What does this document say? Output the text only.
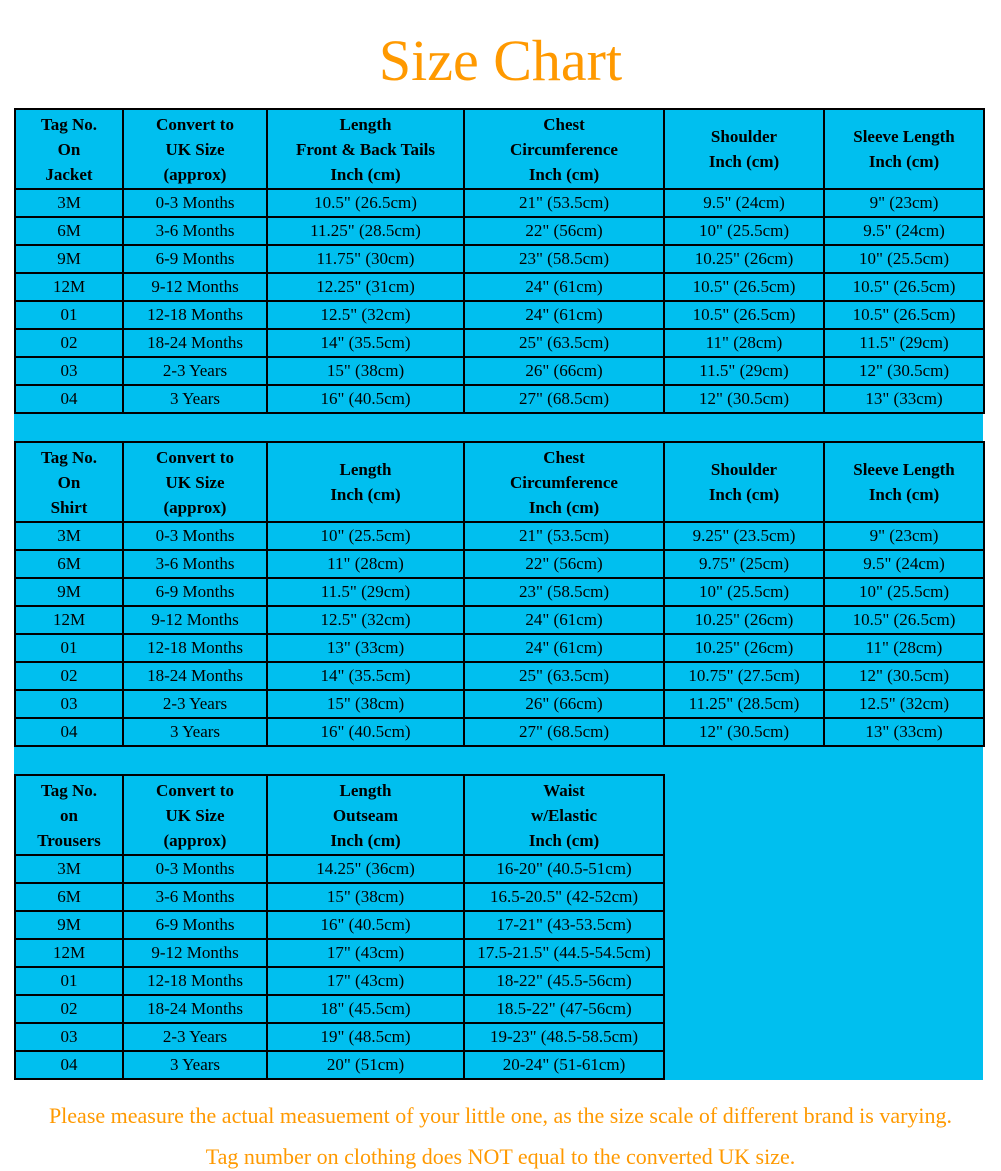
Size Chart
Tag No.
On
Jacket

Convert to
UK Size
(approx)

Length
Front & Back Tails
Inch (cm)

Chest
Circumference
Inch (cm)

Shoulder
Inch (cm)

Sleeve Length
Inch (cm)

3M	0-3 Months	10.5" (26.5cm)	21" (53.5cm)	9.5" (24cm)	9" (23cm)
6M	3-6 Months	11.25" (28.5cm)	22" (56cm)	10" (25.5cm)	9.5" (24cm)
9M	6-9 Months	11.75" (30cm)	23" (58.5cm)	10.25" (26cm)	10" (25.5cm)
12M	9-12 Months	12.25" (31cm)	24" (61cm)	10.5" (26.5cm)	10.5" (26.5cm)
01	12-18 Months	12.5" (32cm)	24" (61cm)	10.5" (26.5cm)	10.5" (26.5cm)
02	18-24 Months	14" (35.5cm)	25" (63.5cm)	11" (28cm)	11.5" (29cm)
03	2-3 Years	15" (38cm)	26" (66cm)	11.5" (29cm)	12" (30.5cm)
04	3 Years	16" (40.5cm)	27" (68.5cm)	12" (30.5cm)	13" (33cm)
Tag No.
On
Shirt

Convert to
UK Size
(approx)

Length
Inch (cm)

Chest
Circumference
Inch (cm)

Shoulder
Inch (cm)

Sleeve Length
Inch (cm)

3M	0-3 Months	10" (25.5cm)	21" (53.5cm)	9.25" (23.5cm)	9" (23cm)
6M	3-6 Months	11" (28cm)	22" (56cm)	9.75" (25cm)	9.5" (24cm)
9M	6-9 Months	11.5" (29cm)	23" (58.5cm)	10" (25.5cm)	10" (25.5cm)
12M	9-12 Months	12.5" (32cm)	24" (61cm)	10.25" (26cm)	10.5" (26.5cm)
01	12-18 Months	13" (33cm)	24" (61cm)	10.25" (26cm)	11" (28cm)
02	18-24 Months	14" (35.5cm)	25" (63.5cm)	10.75" (27.5cm)	12" (30.5cm)
03	2-3 Years	15" (38cm)	26" (66cm)	11.25" (28.5cm)	12.5" (32cm)
04	3 Years	16" (40.5cm)	27" (68.5cm)	12" (30.5cm)	13" (33cm)
Tag No.
on
Trousers

Convert to
UK Size
(approx)

Length
Outseam
Inch (cm)

Waist
w/Elastic
Inch (cm)

3M	0-3 Months	14.25" (36cm)	16-20" (40.5-51cm)
6M	3-6 Months	15" (38cm)	16.5-20.5" (42-52cm)
9M	6-9 Months	16" (40.5cm)	17-21" (43-53.5cm)
12M	9-12 Months	17" (43cm)	17.5-21.5" (44.5-54.5cm)
01	12-18 Months	17" (43cm)	18-22" (45.5-56cm)
02	18-24 Months	18" (45.5cm)	18.5-22" (47-56cm)
03	2-3 Years	19" (48.5cm)	19-23" (48.5-58.5cm)
04	3 Years	20" (51cm)	20-24" (51-61cm)

Please measure the actual measuement of your little one, as the size scale of different brand is varying.

Tag number on clothing does NOT equal to the converted UK size.
